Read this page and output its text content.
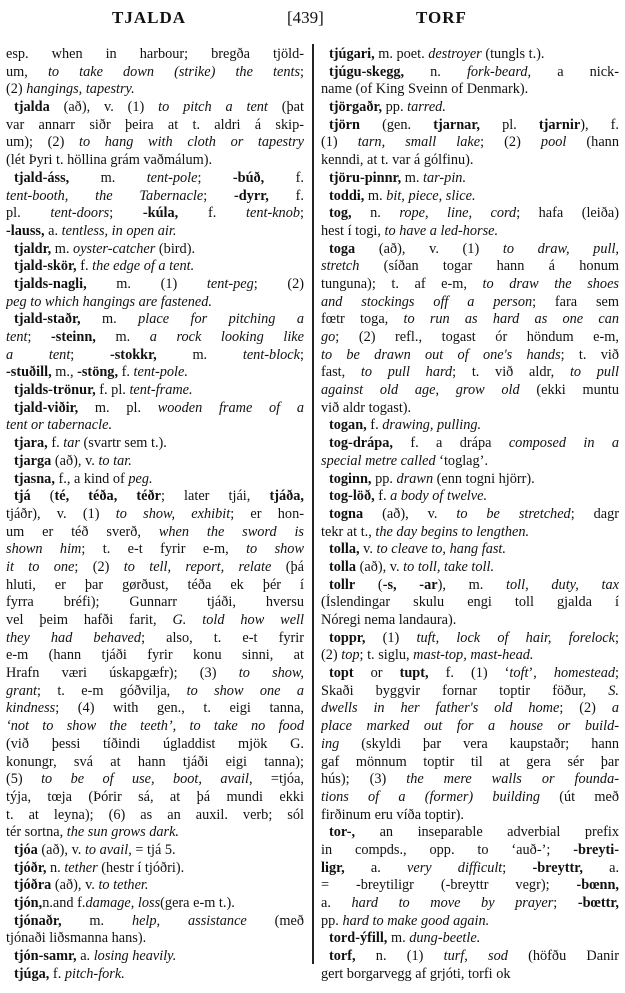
TJALDA	[439]	TORF
esp. when in harbour; bregða tjöld-
um, to take down (strike) the tents;
(2) hangings, tapestry.
tjalda (að), v. (1) to pitch a tent (þat
var annarr siðr þeira at t. aldri á skip-
um); (2) to hang with cloth or tapestry
(lét Þyri t. höllina grám vaðmálum).
tjald-áss, m. tent-pole; -búð, f.
tent-booth, the Tabernacle; -dyrr, f.
pl. tent-doors; -kúla, f. tent-knob;
-lauss, a. tentless, in open air.
tjaldr, m. oyster-catcher (bird).
tjald-skör, f. the edge of a tent.
tjalds-nagli, m. (1) tent-peg; (2)
peg to which hangings are fastened.
tjald-staðr, m. place for pitching a
tent; -steinn, m. a rock looking like
a tent; -stokkr, m. tent-block;
-stuðill, m., -stöng, f. tent-pole.
tjalds-trönur, f. pl. tent-frame.
tjald-viðir, m. pl. wooden frame of a
tent or tabernacle.
tjara, f. tar (svartr sem t.).
tjarga (að), v. to tar.
tjasna, f., a kind of peg.
tjá (té, téða, téðr; later tjái, tjáða,
tjáðr), v. (1) to show, exhibit; er hon-
um er téð sverð, when the sword is
shown him; t. e-t fyrir e-m, to show
it to one; (2) to tell, report, relate (þá
hluti, er þar gørðust, téða ek þér í
fyrra bréfi); Gunnarr tjáði, hversu
vel þeim hafði farit, G. told how well
they had behaved; also, t. e-t fyrir
e-m (hann tjáði fyrir konu sinni, at
Hrafn væri úskapgæfr); (3) to show,
grant; t. e-m góðvilja, to show one a
kindness; (4) with gen., t. eigi tanna,
‘not to show the teeth’, to take no food
(við þessi tíðindi úgladdist mjök G.
konungr, svá at hann tjáði eigi tanna);
(5) to be of use, boot, avail, =tjóa,
týja, tœja (Þórir sá, at þá mundi ekki
t. at leyna); (6) as an auxil. verb; sól
tér sortna, the sun grows dark.
tjóa (að), v. to avail, = tjá 5.
tjóðr, n. tether (hestr í tjóðri).
tjóðra (að), v. to tether.
tjón,n.and f.damage, loss(gera e-m t.).
tjónaðr, m. help, assistance (með
tjónaði liðsmanna hans).
tjón-samr, a. losing heavily.
tjúga, f. pitch-fork.
tjúgari, m. poet. destroyer (tungls t.).
tjúgu-skegg, n. fork-beard, a nick-
name (of King Sveinn of Denmark).
tjörgaðr, pp. tarred.
tjörn (gen. tjarnar, pl. tjarnir), f.
(1) tarn, small lake; (2) pool (hann
kenndi, at t. var á gólfinu).
tjöru-pinnr, m. tar-pin.
toddi, m. bit, piece, slice.
tog, n. rope, line, cord; hafa (leiða)
hest í togi, to have a led-horse.
toga (að), v. (1) to draw, pull,
stretch (síðan togar hann á honum
tunguna); t. af e-m, to draw the shoes
and stockings off a person; fara sem
fœtr toga, to run as hard as one can
go; (2) refl., togast ór höndum e-m,
to be drawn out of one's hands; t. við
fast, to pull hard; t. við aldr, to pull
against old age, grow old (ekki muntu
við aldr togast).
togan, f. drawing, pulling.
tog-drápa, f. a drápa composed in a
special metre called ‘toglag’.
toginn, pp. drawn (enn togni hjörr).
tog-löð, f. a body of twelve.
togna (að), v. to be stretched; dagr
tekr at t., the day begins to lengthen.
tolla, v. to cleave to, hang fast.
tolla (að), v. to toll, take toll.
tollr (-s, -ar), m. toll, duty, tax
(Íslendingar skulu engi toll gjalda í
Nóregi nema landaura).
toppr, (1) tuft, lock of hair, forelock;
(2) top; t. siglu, mast-top, mast-head.
topt or tupt, f. (1) ‘toft’, homestead;
Skaði byggvir fornar toptir föður, S.
dwells in her father's old home; (2) a
place marked out for a house or build-
ing (skyldi þar vera kaupstaðr; hann
gaf mönnum toptir til at gera sér þar
hús); (3) the mere walls or founda-
tions of a (former) building (út með
firðinum eru víða toptir).
tor-, an inseparable adverbial prefix
in compds., opp. to ‘auð-’; -breyti-
ligr, a. very difficult; -breyttr, a.
= -breytiligr (-breyttr vegr); -bœnn,
a. hard to move by prayer; -bœttr,
pp. hard to make good again.
tord-ýfill, m. dung-beetle.
torf, n. (1) turf, sod (höfðu Danir
gert borgarvegg af grjóti, torfi ok
